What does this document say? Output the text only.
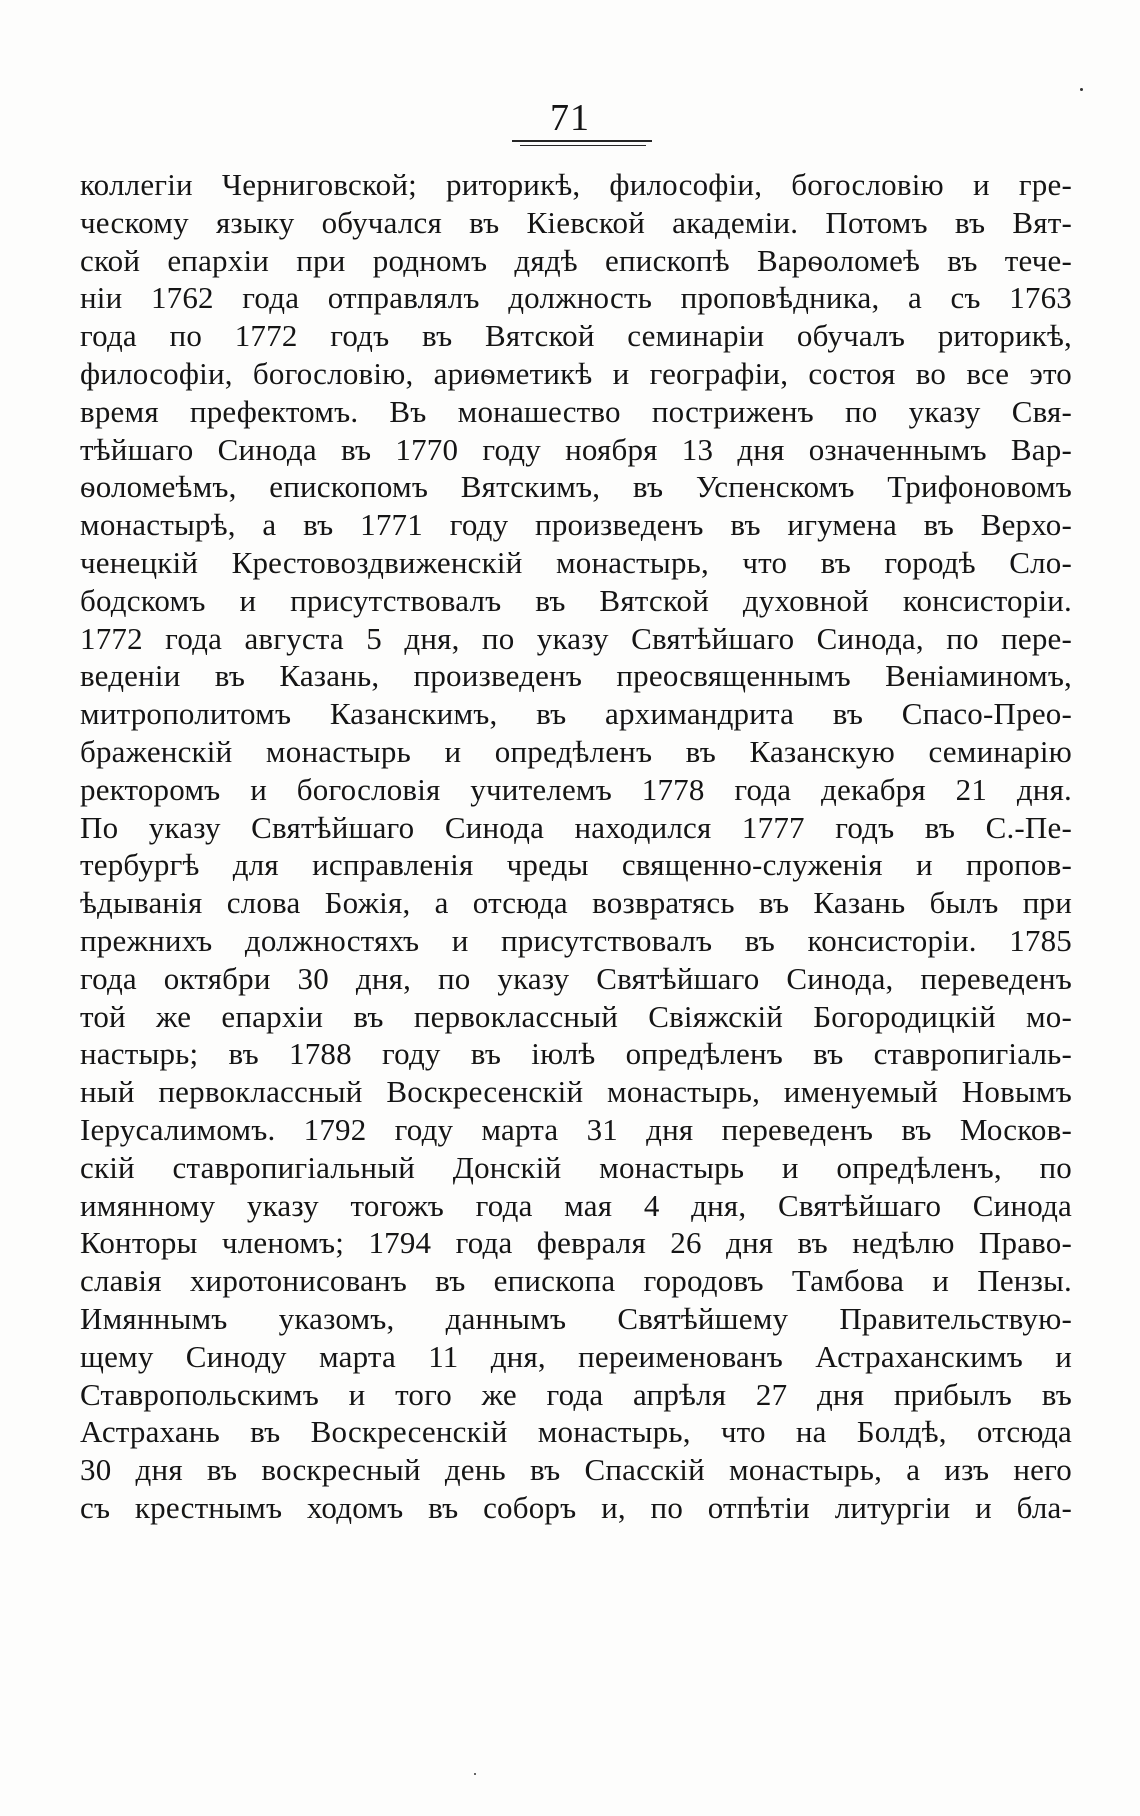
71
коллегіи Черниговской; риторикѣ, философіи, богословію и гре-
ческому языку обучался въ Кіевской академіи. Потомъ въ Вят-
ской епархіи при родномъ дядѣ епископѣ Варѳоломеѣ въ тече-
ніи 1762 года отправлялъ должность проповѣдника, а съ 1763
года по 1772 годъ въ Вятской семинаріи обучалъ риторикѣ,
философіи, богословію, ариѳметикѣ и географіи, состоя во все это
время префектомъ. Въ монашество постриженъ по указу Свя-
тѣйшаго Синода въ 1770 году ноября 13 дня означеннымъ Вар-
ѳоломеѣмъ, епископомъ Вятскимъ, въ Успенскомъ Трифоновомъ
монастырѣ, а въ 1771 году произведенъ въ игумена въ Верхо-
ченецкій Крестовоздвиженскій монастырь, что въ городѣ Сло-
бодскомъ и присутствовалъ въ Вятской духовной консисторіи.
1772 года августа 5 дня, по указу Святѣйшаго Синода, по пере-
веденіи въ Казань, произведенъ преосвященнымъ Веніаминомъ,
митрополитомъ Казанскимъ, въ архимандрита въ Спасо-Прео-
браженскій монастырь и опредѣленъ въ Казанскую семинарію
ректоромъ и богословія учителемъ 1778 года декабря 21 дня.
По указу Святѣйшаго Синода находился 1777 годъ въ С.-Пе-
тербургѣ для исправленія чреды священно-служенія и пропов-
ѣдыванія слова Божія, а отсюда возвратясь въ Казань былъ при
прежнихъ должностяхъ и присутствовалъ въ консисторіи. 1785
года октябри 30 дня, по указу Святѣйшаго Синода, переведенъ
той же епархіи въ первоклассный Свіяжскій Богородицкій мо-
настырь; въ 1788 году въ іюлѣ опредѣленъ въ ставропигіаль-
ный первоклассный Воскресенскій монастырь, именуемый Новымъ
Іерусалимомъ. 1792 году марта 31 дня переведенъ въ Москов-
скій ставропигіальный Донскій монастырь и опредѣленъ, по
имянному указу тогожъ года мая 4 дня, Святѣйшаго Синода
Конторы членомъ; 1794 года февраля 26 дня въ недѣлю Право-
славія хиротонисованъ въ епископа городовъ Тамбова и Пензы.
Имяннымъ указомъ, даннымъ Святѣйшему Правительствую-
щему Синоду марта 11 дня, переименованъ Астраханскимъ и
Ставропольскимъ и того же года апрѣля 27 дня прибылъ въ
Астрахань въ Воскресенскій монастырь, что на Болдѣ, отсюда
30 дня въ воскресный день въ Спасскій монастырь, а изъ него
съ крестнымъ ходомъ въ соборъ и, по отпѣтіи литургіи и бла-
